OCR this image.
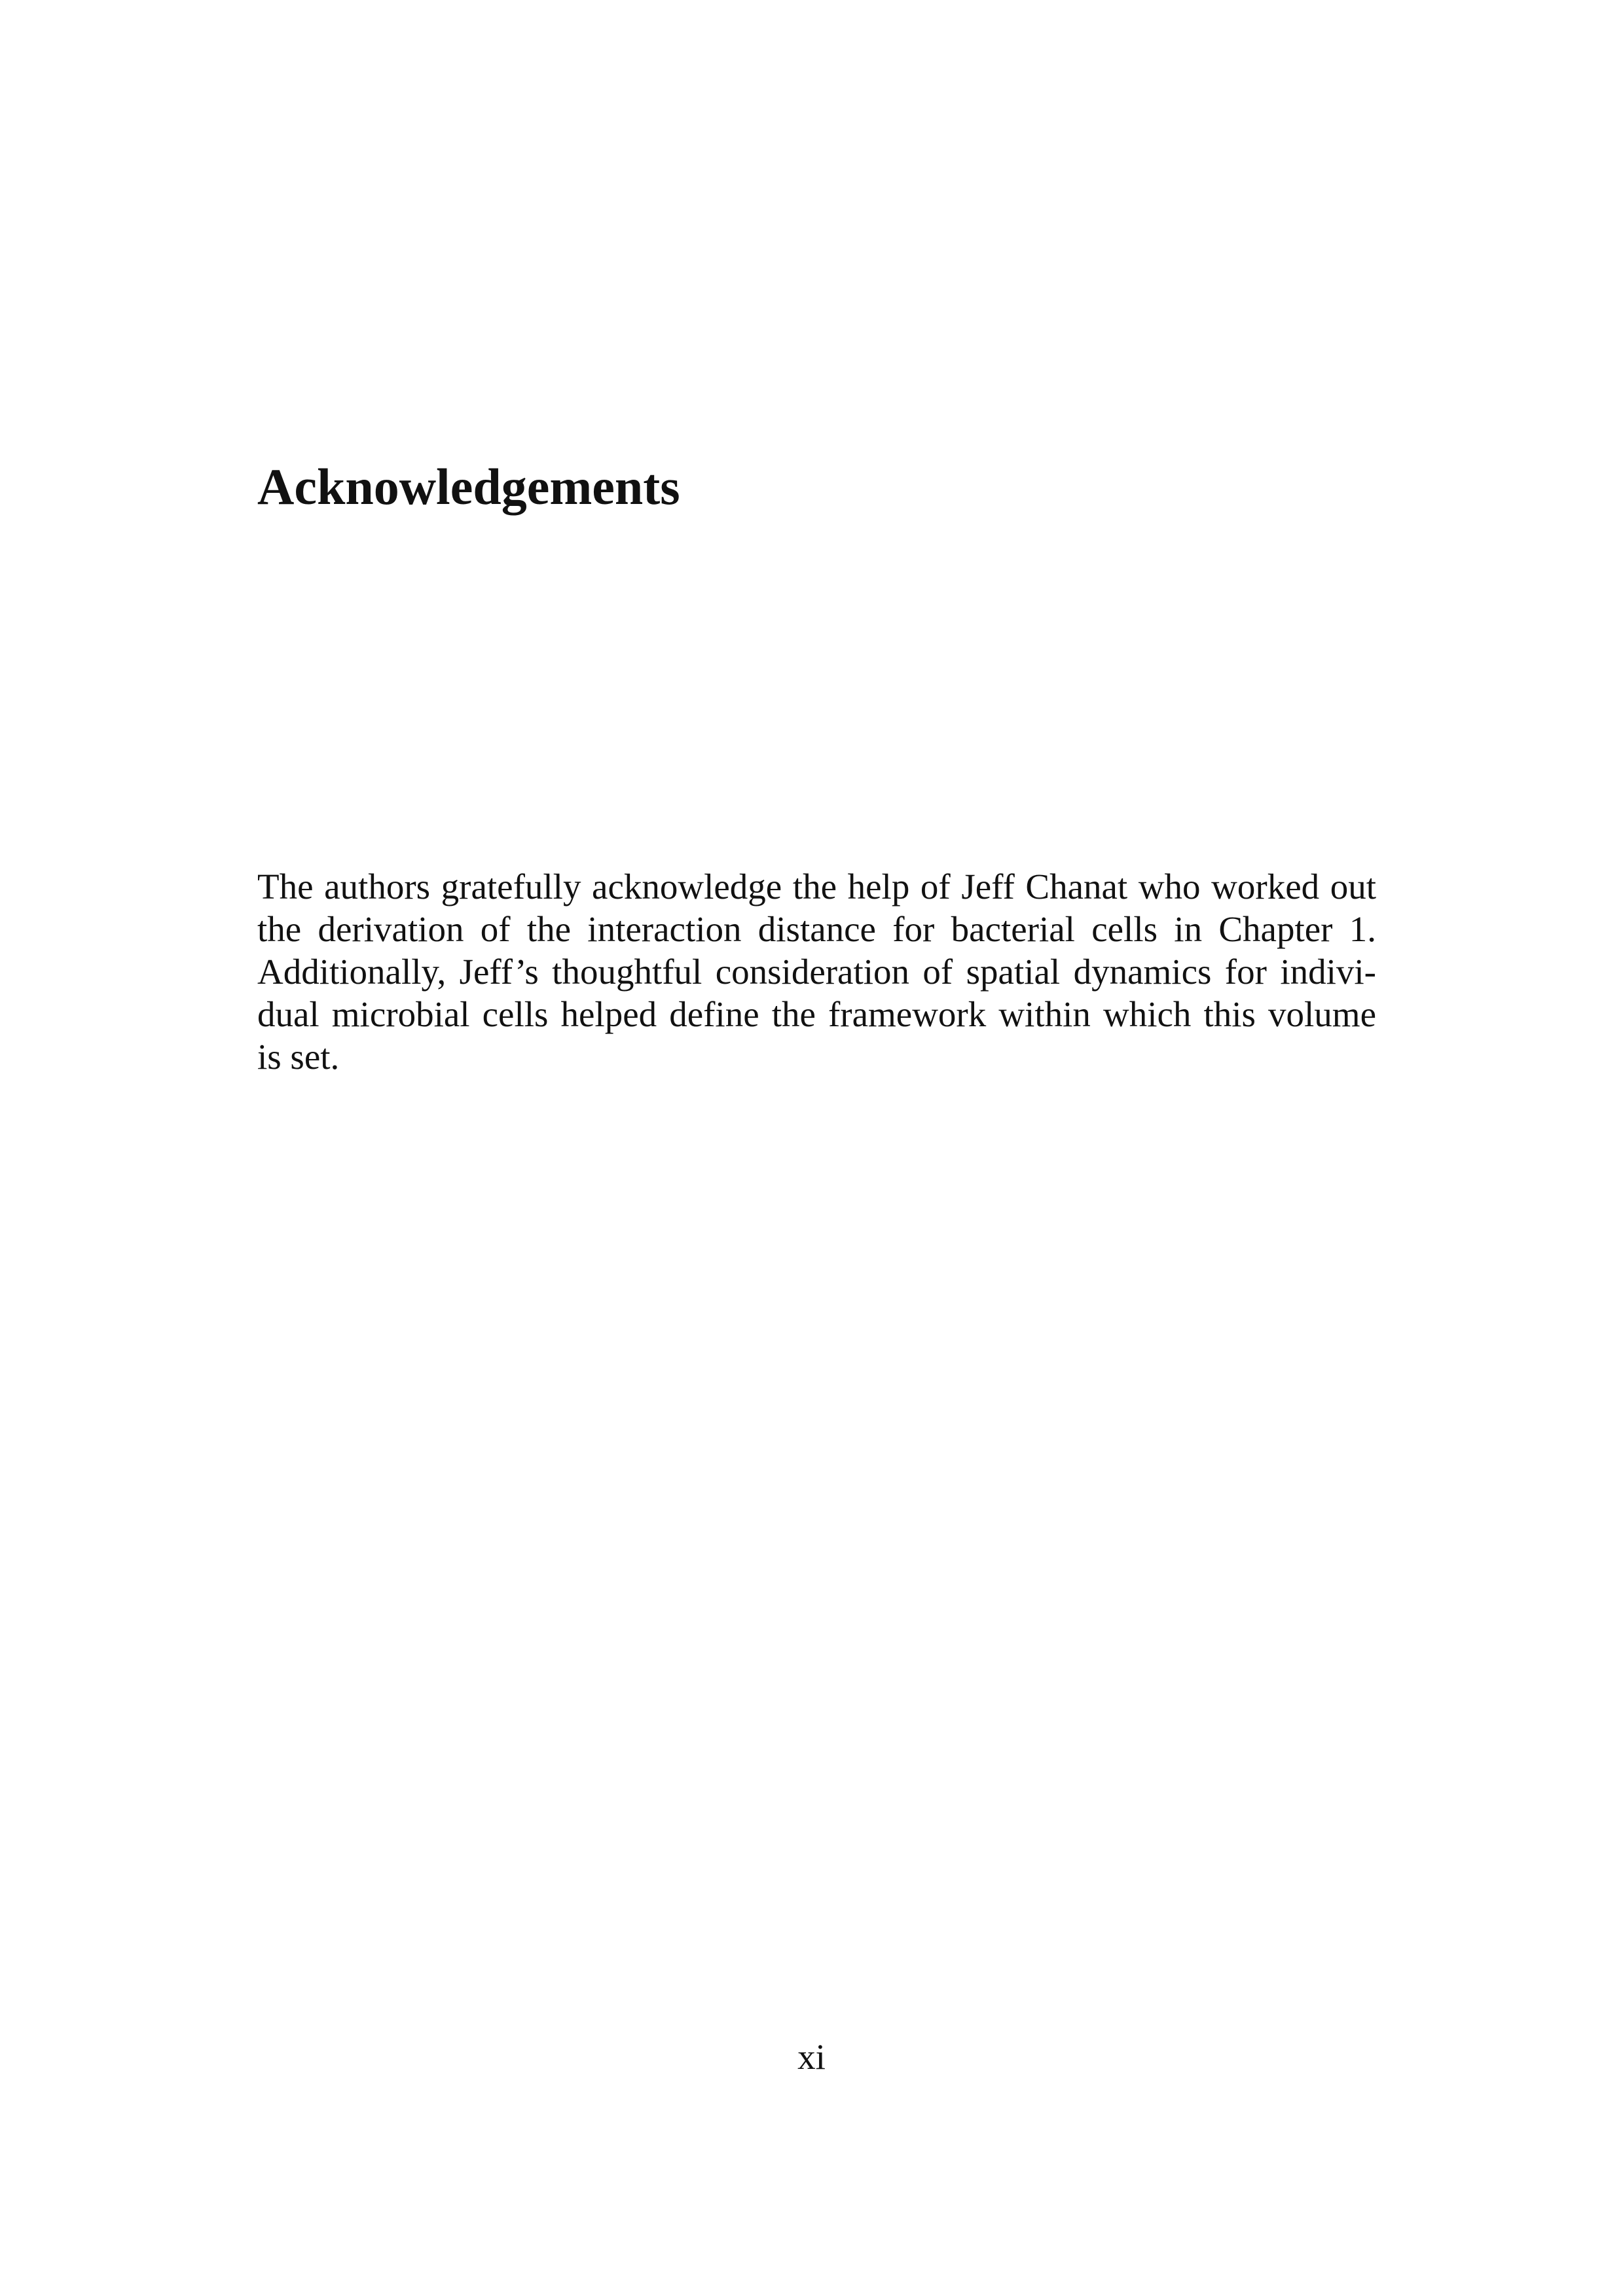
Acknowledgements
The authors gratefully acknowledge the help of Jeff Chanat who worked out
the derivation of the interaction distance for bacterial cells in Chapter 1.
Additionally, Jeff’s thoughtful consideration of spatial dynamics for indivi-
dual microbial cells helped define the framework within which this volume
is set.
xi
